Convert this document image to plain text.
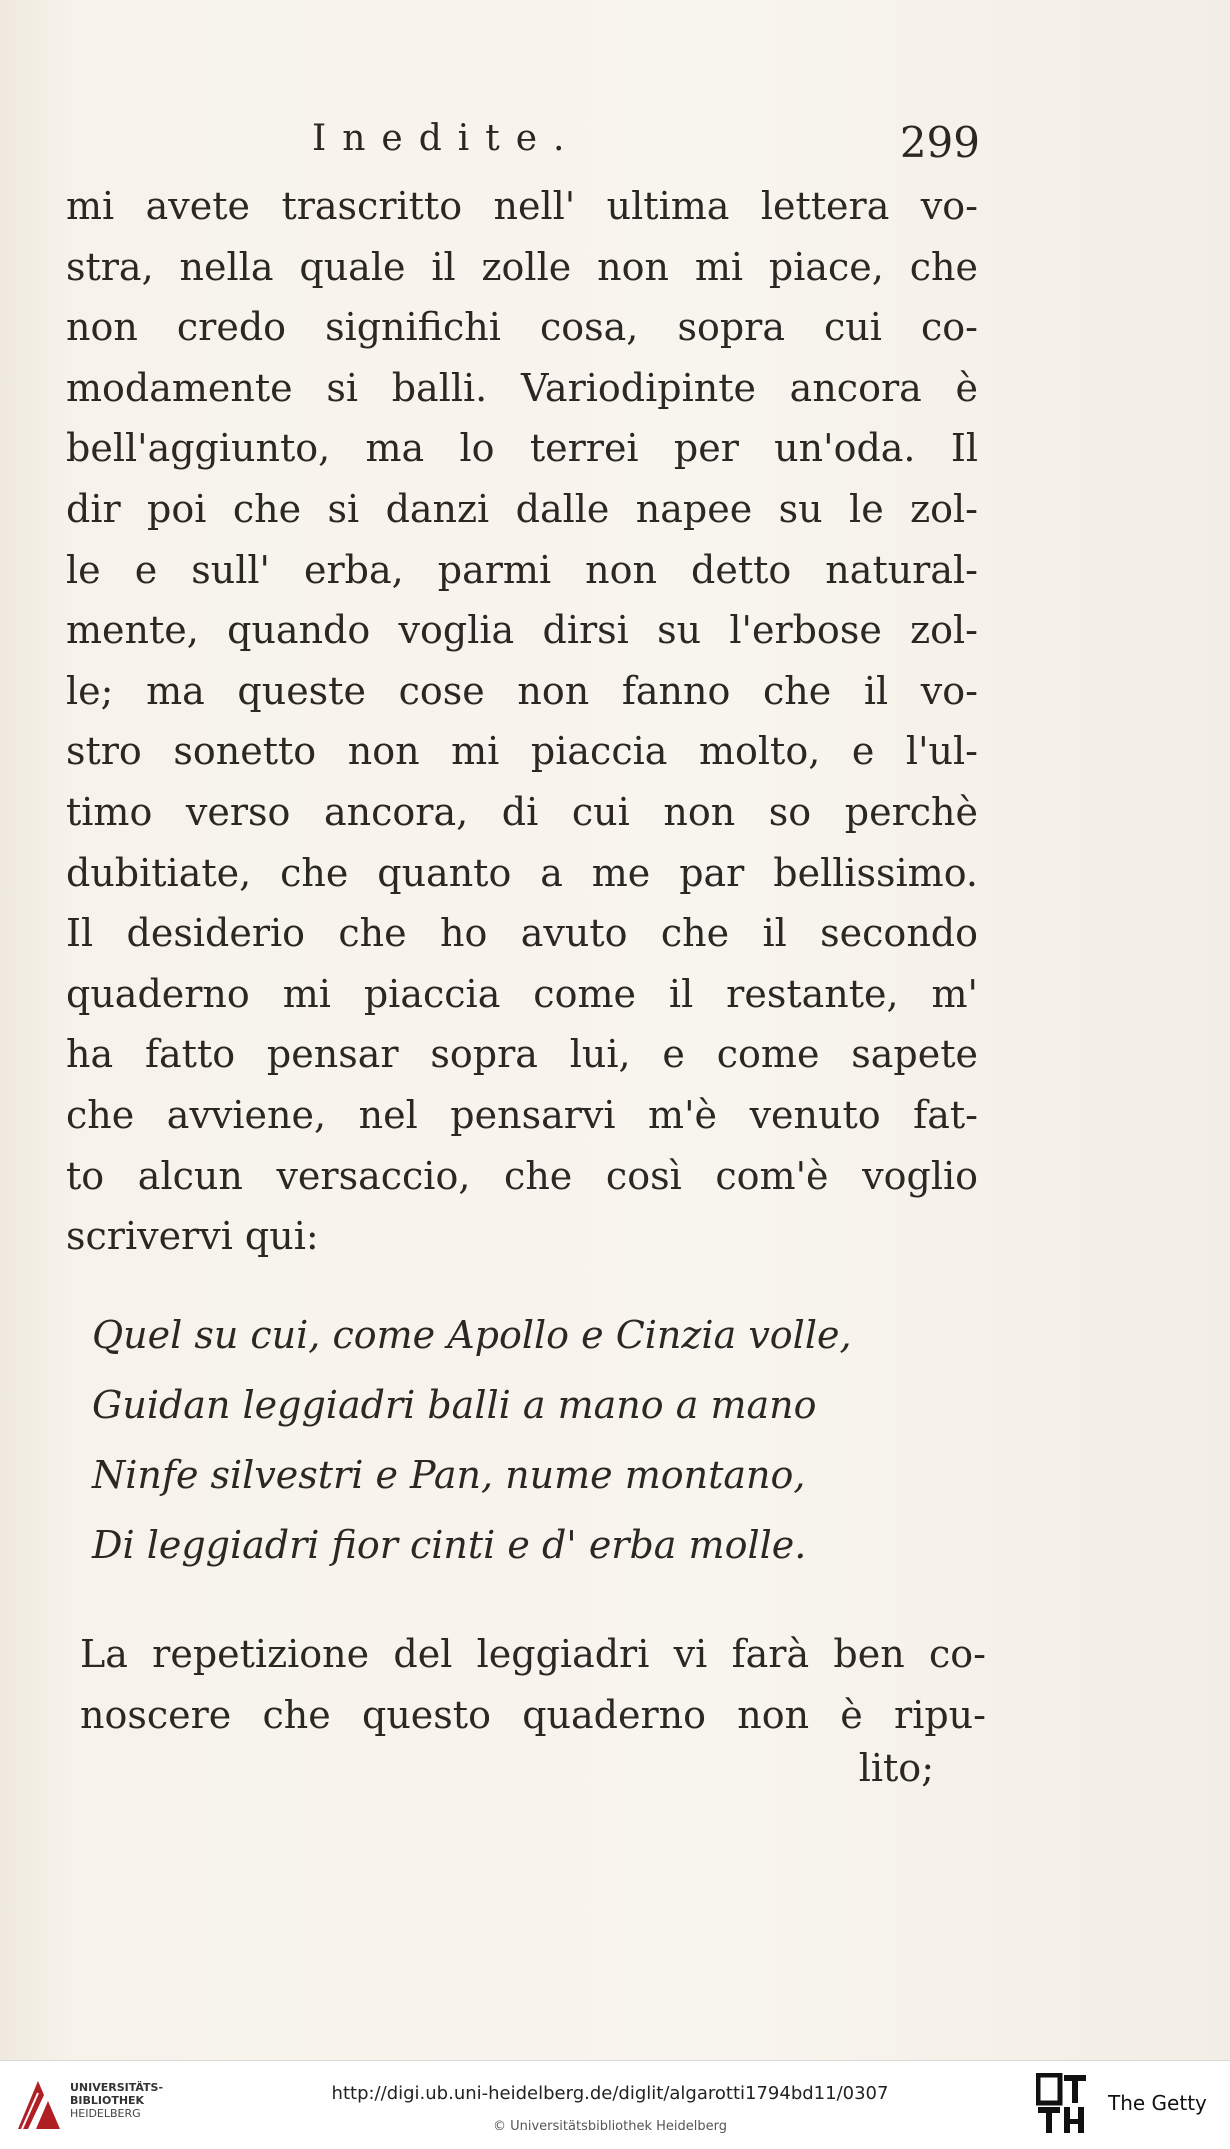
Inedite.	299
mi avete trascritto nell' ultima lettera vo-
stra, nella quale il zolle non mi piace, che
non credo significhi cosa, sopra cui co-
modamente si balli. Variodipinte ancora è
bell'aggiunto, ma lo terrei per un'oda. Il
dir poi che si danzi dalle napee su le zol-
le e sull' erba, parmi non detto natural-
mente, quando voglia dirsi su l'erbose zol-
le; ma queste cose non fanno che il vo-
stro sonetto non mi piaccia molto, e l'ul-
timo verso ancora, di cui non so perchè
dubitiate, che quanto a me par bellissimo.
Il desiderio che ho avuto che il secondo
quaderno mi piaccia come il restante, m'
ha fatto pensar sopra lui, e come sapete
che avviene, nel pensarvi m'è venuto fat-
to alcun versaccio, che così com'è voglio
scrivervi qui:
Quel su cui, come Apollo e Cinzia volle,
Guidan leggiadri balli a mano a mano
Ninfe silvestri e Pan, nume montano,
Di leggiadri fior cinti e d' erba molle.
La repetizione del leggiadri vi farà ben co-
noscere che questo quaderno non è ripu-
lito;
UNIVERSITÄTS-
BIBLIOTHEK
HEIDELBERG
http://digi.ub.uni-heidelberg.de/diglit/algarotti1794bd11/0307
© Universitätsbibliothek Heidelberg
The Getty
